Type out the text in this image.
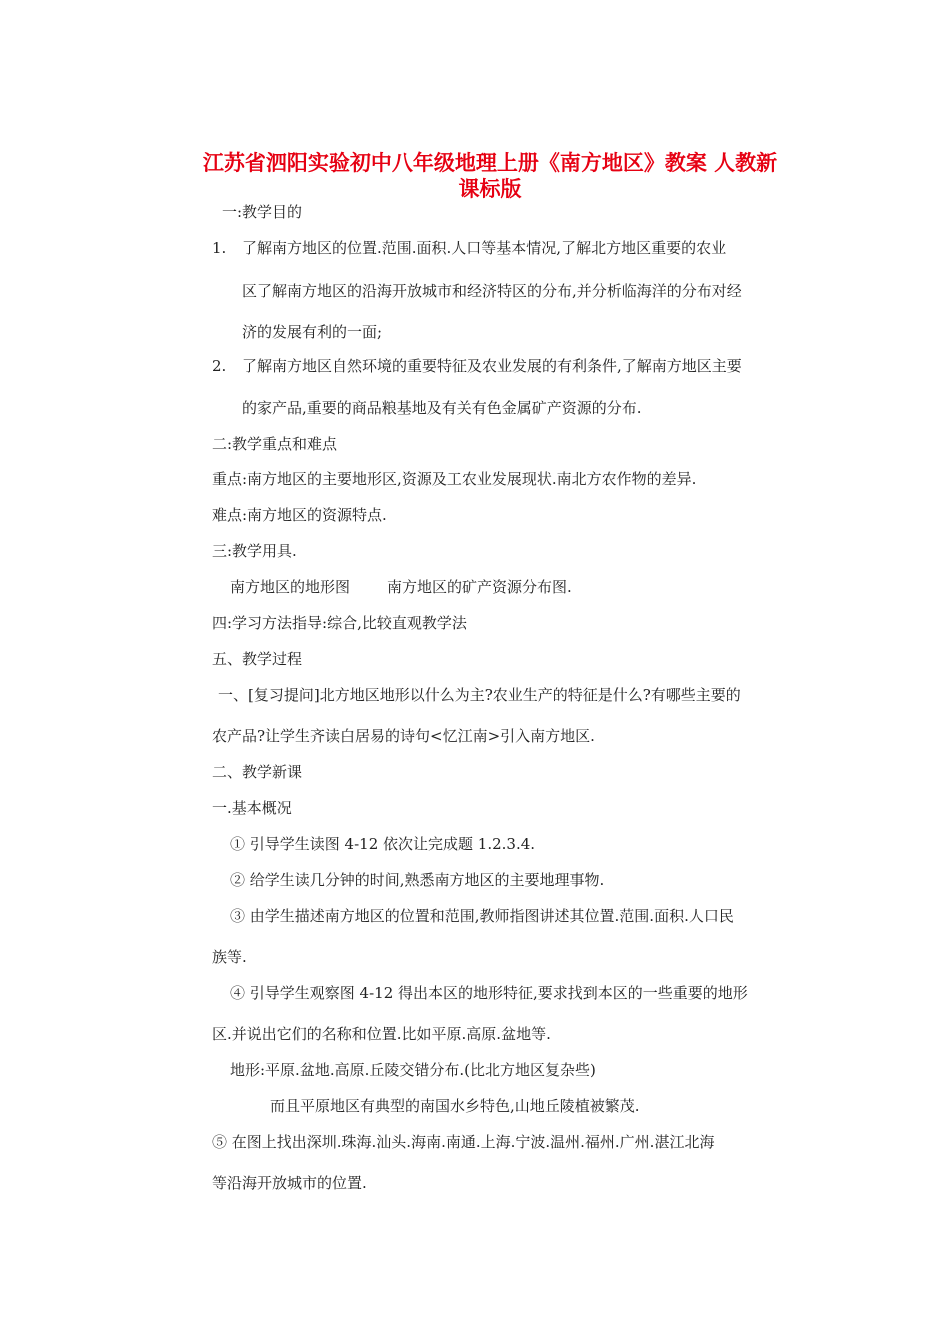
江苏省泗阳实验初中八年级地理上册《南方地区》教案 人教新
课标版

一:教学目的

1. 了解南方地区的位置.范围.面积.人口等基本情况,了解北方地区重要的农业

区了解南方地区的沿海开放城市和经济特区的分布,并分析临海洋的分布对经

济的发展有利的一面;

2. 了解南方地区自然环境的重要特征及农业发展的有利条件,了解南方地区主要

的家产品,重要的商品粮基地及有关有色金属矿产资源的分布.

二:教学重点和难点

重点:南方地区的主要地形区,资源及工农业发展现状.南北方农作物的差异.

难点:南方地区的资源特点.

三:教学用具.

南方地区的地形图 南方地区的矿产资源分布图.

四:学习方法指导:综合,比较直观教学法

五、教学过程

一、[复习提问]北方地区地形以什么为主?农业生产的特征是什么?有哪些主要的

农产品?让学生齐读白居易的诗句<忆江南>引入南方地区.

二、教学新课

一.基本概况

① 引导学生读图 4-12 依次让完成题 1.2.3.4.

② 给学生读几分钟的时间,熟悉南方地区的主要地理事物.

③ 由学生描述南方地区的位置和范围,教师指图讲述其位置.范围.面积.人口民

族等.

④ 引导学生观察图 4-12 得出本区的地形特征,要求找到本区的一些重要的地形

区.并说出它们的名称和位置.比如平原.高原.盆地等.

地形:平原.盆地.高原.丘陵交错分布.(比北方地区复杂些)

而且平原地区有典型的南国水乡特色,山地丘陵植被繁茂.

⑤ 在图上找出深圳.珠海.汕头.海南.南通.上海.宁波.温州.福州.广州.湛江北海

等沿海开放城市的位置.
